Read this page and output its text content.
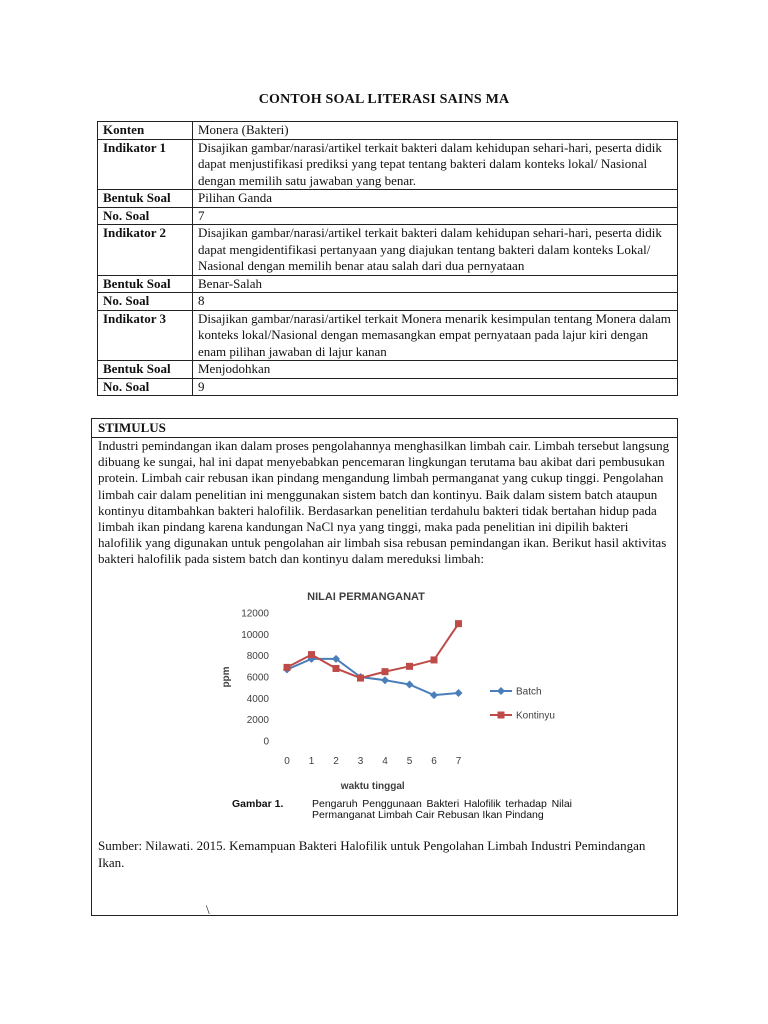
CONTOH SOAL LITERASI SAINS MA
Konten	Monera (Bakteri)
Indikator 1	Disajikan gambar/narasi/artikel terkait bakteri dalam kehidupan sehari-hari, peserta didik dapat menjustifikasi prediksi yang tepat tentang bakteri dalam konteks lokal/ Nasional dengan memilih satu jawaban yang benar.
Bentuk Soal	Pilihan Ganda
No. Soal	7
Indikator 2	Disajikan gambar/narasi/artikel terkait bakteri dalam kehidupan sehari-hari, peserta didik dapat mengidentifikasi pertanyaan yang diajukan tentang bakteri dalam konteks Lokal/ Nasional dengan memilih benar atau salah dari dua pernyataan
Bentuk Soal	Benar-Salah
No. Soal	8
Indikator 3	Disajikan gambar/narasi/artikel terkait Monera menarik kesimpulan tentang Monera dalam konteks lokal/Nasional dengan memasangkan empat pernyataan pada lajur kiri dengan enam pilihan jawaban di lajur kanan
Bentuk Soal	Menjodohkan
No. Soal	9
STIMULUS
Industri pemindangan ikan dalam proses pengolahannya menghasilkan limbah cair. Limbah tersebut langsung dibuang ke sungai, hal ini dapat menyebabkan pencemaran lingkungan terutama bau akibat dari pembusukan protein. Limbah cair rebusan ikan pindang mengandung limbah permanganat yang cukup tinggi. Pengolahan limbah cair dalam penelitian ini menggunakan sistem batch dan kontinyu. Baik dalam sistem batch ataupun kontinyu ditambahkan bakteri halofilik. Berdasarkan penelitian terdahulu bakteri tidak bertahan hidup pada limbah ikan pindang karena kandungan NaCl nya yang tinggi, maka pada penelitian ini dipilih bakteri halofilik yang digunakan untuk pengolahan air limbah sisa rebusan pemindangan ikan. Berikut hasil aktivitas bakteri halofilik pada sistem batch dan kontinyu dalam mereduksi limbah:
NILAI PERMANGANAT
0
2000
4000
6000
8000
10000
12000
0 1 2 3 4 5 6 7
ppm
waktu tinggal
Batch
Kontinyu
Gambar 1.	Pengaruh Penggunaan Bakteri Halofilik terhadap Nilai Permanganat Limbah Cair Rebusan Ikan Pindang
Sumber: Nilawati. 2015. Kemampuan Bakteri Halofilik untuk Pengolahan Limbah Industri Pemindangan Ikan.
\
